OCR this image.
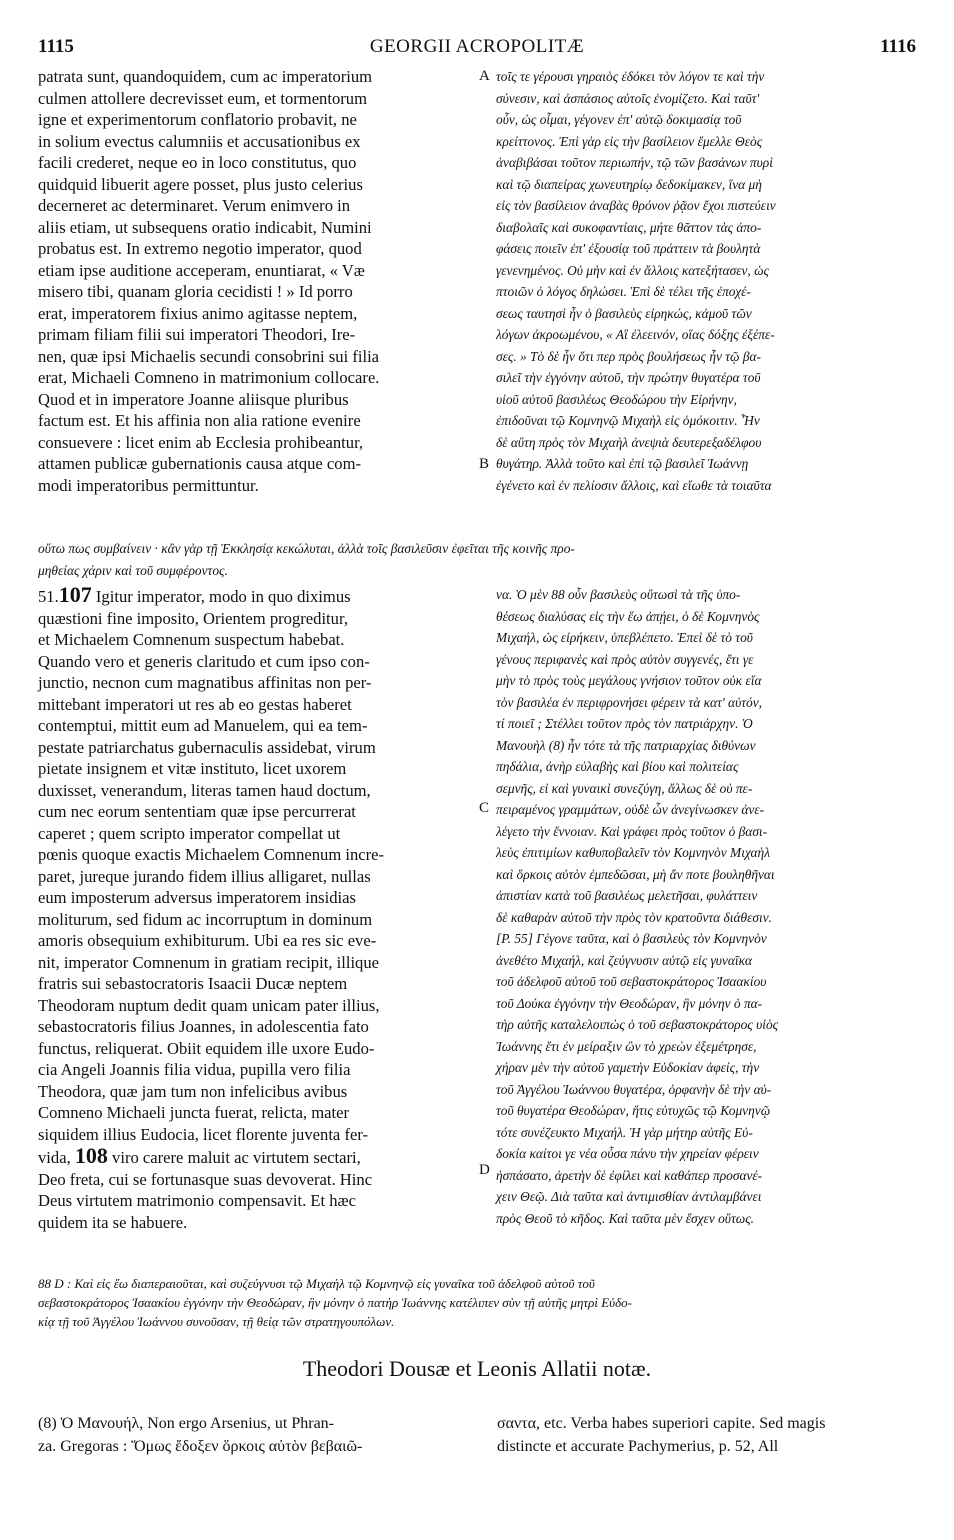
1115	GEORGII ACROPOLITÆ	1116
patrata sunt, quandoquidem, cum ac imperatorium
culmen attollere decrevisset eum, et tormentorum
igne et experimentorum conflatorio probavit, ne
in solium evectus calumniis et accusationibus ex
facili crederet, neque eo in loco constitutus, quo
quidquid libuerit agere posset, plus justo celerius
decerneret ac determinaret. Verum enimvero in
aliis etiam, ut subsequens oratio indicabit, Numini
probatus est. In extremo negotio imperator, quod
etiam ipse auditione acceperam, enuntiarat, « Væ
misero tibi, quanam gloria cecidisti ! » Id porro
erat, imperatorem fixius animo agitasse neptem,
primam filiam filii sui imperatori Theodori, Ire-
nen, quæ ipsi Michaelis secundi consobrini sui filia
erat, Michaeli Comneno in matrimonium collocare.
Quod et in imperatore Joanne aliisque pluribus
factum est. Et his affinia non alia ratione evenire
consuevere : licet enim ab Ecclesia prohibeantur,
attamen publicæ gubernationis causa atque com-
modi imperatoribus permittuntur.
A τοῖς τε γέρουσι γηραιὸς ἐδόκει τὸν λόγον τε καὶ τὴν
σύνεσιν, καὶ ἀσπάσιος αὐτοῖς ἐνομίζετο. Καὶ ταῦτ'
οὖν, ὡς οἶμαι, γέγονεν ἐπ' αὐτῷ δοκιμασίᾳ τοῦ
κρείττονος. Ἐπὶ γὰρ εἰς τὴν βασίλειον ἔμελλε Θεὸς
ἀναβιβάσαι τοῦτον περιωπήν, τῷ τῶν βασάνων πυρὶ
καὶ τῷ διαπείρας χωνευτηρίῳ δεδοκίμακεν, ἵνα μὴ
εἰς τὸν βασίλειον ἀναβὰς θρόνον ῥᾷον ἔχοι πιστεύειν
διαβολαῖς καὶ συκοφαντίαις, μήτε θᾶττον τὰς ἀπο-
φάσεις ποιεῖν ἐπ' ἐξουσίᾳ τοῦ πράττειν τὰ βουλητὰ
γενενημένος. Οὐ μὴν καὶ ἐν ἄλλοις κατεξήτασεν, ὡς
πτοιῶν ὁ λόγος δηλώσει. Ἐπὶ δὲ τέλει τῆς ἐποχέ-
σεως ταυτησὶ ἦν ὁ βασιλεὺς εἰρηκώς, κἀμοῦ τῶν
λόγων ἀκροωμένου, « Αἲ ἐλεεινόν, οἵας δόξης ἐξέπε-
σες. » Τὸ δὲ ἦν ὅτι περ πρὸς βουλήσεως ἦν τῷ βα-
σιλεῖ τὴν ἐγγόνην αὐτοῦ, τὴν πρώτην θυγατέρα τοῦ
υἱοῦ αὐτοῦ βασιλέως Θεοδώρου τὴν Εἰρήνην,
ἐπιδοῦναι τῷ Κομνηνῷ Μιχαὴλ εἰς ὁμόκοιτιν. Ἦν
δὲ αὕτη πρὸς τὸν Μιχαὴλ ἀνεψιὰ δευτερεξαδέλφου
θυγάτηρ. Ἀλλὰ τοῦτο καὶ ἐπὶ τῷ βασιλεῖ Ἰωάννῃ
ἐγένετο καὶ ἐν πελίοσιν ἄλλοις, καὶ εἴωθε τὰ τοιαῦτα
B
οὕτω πως συμβαίνειν · κἂν γὰρ τῇ Ἐκκλησίᾳ κεκώλυται, ἀλλὰ τοῖς βασιλεῦσιν ἐφεῖται τῆς κοινῆς προ-
μηθείας χάριν καὶ τοῦ συμφέροντος.
51.107 Igitur imperator, modo in quo diximus
quæstioni fine imposito, Orientem progreditur,
et Michaelem Comnenum suspectum habebat.
Quando vero et generis claritudo et cum ipso con-
junctio, necnon cum magnatibus affinitas non per-
mittebant imperatori ut res ab eo gestas haberet
contemptui, mittit eum ad Manuelem, qui ea tem-
pestate patriarchatus gubernaculis assidebat, virum
pietate insignem et vitæ instituto, licet uxorem
duxisset, venerandum, literas tamen haud doctum,
cum nec eorum sententiam quæ ipse percurrerat
caperet ; quem scripto imperator compellat ut
pœnis quoque exactis Michaelem Comnenum incre-
paret, jureque jurando fidem illius alligaret, nullas
eum imposterum adversus imperatorem insidias
moliturum, sed fidum ac incorruptum in dominum
amoris obsequium exhibiturum. Ubi ea res sic eve-
nit, imperator Comnenum in gratiam recipit, illique
fratris sui sebastocratoris Isaacii Ducæ neptem
Theodoram nuptum dedit quam unicam pater illius,
sebastocratoris filius Joannes, in adolescentia fato
functus, reliquerat. Obiit equidem ille uxore Eudo-
cia Angeli Joannis filia vidua, pupilla vero filia
Theodora, quæ jam tum non infelicibus avibus
Comneno Michaeli juncta fuerat, relicta, mater
siquidem illius Eudocia, licet florente juventa fer-
vida, 108 viro carere maluit ac virtutem sectari,
Deo freta, cui se fortunasque suas devoverat. Hinc
Deus virtutem matrimonio compensavit. Et hæc
quidem ita se habuere.
C
να. Ὁ μὲν 88 οὖν βασιλεὺς οὕτωσὶ τὰ τῆς ὑπο-
θέσεως διαλύσας εἰς τὴν ἕω ἀπῄει, ὁ δὲ Κομνηνὸς
Μιχαήλ, ὡς εἰρήκειν, ὑπεβλέπετο. Ἐπεὶ δὲ τὸ τοῦ
γένους περιφανὲς καὶ πρὸς αὐτὸν συγγενές, ἔτι γε
μὴν τὸ πρὸς τοὺς μεγάλους γνήσιον τοῦτον οὐκ εἴα
τὸν βασιλέα ἐν περιφρονήσει φέρειν τὰ κατ' αὐτόν,
τί ποιεῖ ; Στέλλει τοῦτον πρὸς τὸν πατριάρχην. Ὁ
Μανουὴλ (8) ἦν τότε τὰ τῆς πατριαρχίας διθύνων
πηδάλια, ἀνὴρ εὐλαβὴς καὶ βίου καὶ πολιτείας
σεμνῆς, εἰ καὶ γυναικὶ συνεζύγη, ἄλλως δὲ οὐ πε-
πειραμένος γραμμάτων, οὐδὲ ὧν ἀνεγίνωσκεν ἀνε-
λέγετο τὴν ἔννοιαν. Καὶ γράφει πρὸς τοῦτον ὁ βασι-
λεὺς ἐπιτιμίων καθυποβαλεῖν τὸν Κομνηνὸν Μιχαὴλ
καὶ ὅρκοις αὐτὸν ἐμπεδῶσαι, μὴ ἄν ποτε βουληθῆναι
ἀπιστίαν κατὰ τοῦ βασιλέως μελετῆσαι, φυλάττειν
δὲ καθαρὰν αὐτοῦ τὴν πρὸς τὸν κρατοῦντα διάθεσιν.
[P. 55] Γέγονε ταῦτα, καὶ ὁ βασιλεὺς τὸν Κομνηνὸν
ἀνεθέτο Μιχαήλ, καὶ ζεύγνυσιν αὐτῷ εἰς γυναῖκα
τοῦ ἀδελφοῦ αὐτοῦ τοῦ σεβαστοκράτορος Ἰσαακίου
τοῦ Δούκα ἐγγόνην τὴν Θεοδώραν, ἣν μόνην ὁ πα-
τὴρ αὐτῆς καταλελοιπὼς ὁ τοῦ σεβαστοκράτορος υἱὸς
Ἰωάννης ἔτι ἐν μείραξιν ὢν τὸ χρεὼν ἐξεμέτρησε,
χήραν μὲν τὴν αὐτοῦ γαμετὴν Εὐδοκίαν ἀφείς, τὴν
τοῦ Ἀγγέλου Ἰωάννου θυγατέρα, ὀρφανὴν δὲ τὴν αὐ-
τοῦ θυγατέρα Θεοδώραν, ἥτις εὐτυχῶς τῷ Κομνηνῷ
τότε συνέζευκτο Μιχαήλ. Ἡ γὰρ μήτηρ αὐτῆς Εὐ-
δοκία καίτοι γε νέα οὖσα πάνυ τὴν χηρείαν φέρειν
ἠσπάσατο, ἀρετὴν δὲ ἐφίλει καὶ καθάπερ προσανέ-
χειν Θεῷ. Διὰ ταῦτα καὶ ἀντιμισθίαν ἀντιλαμβάνει
πρὸς Θεοῦ τὸ κῆδος. Καὶ ταῦτα μὲν ἔσχεν οὕτως.
D
88 D : Καὶ εἰς ἕω διαπεραιοῦται, καὶ συζεύγνυσι τῷ Μιχαὴλ τῷ Κομνηνῷ εἰς γυναῖκα τοῦ ἀδελφοῦ αὐτοῦ τοῦ
σεβαστοκράτορος Ἰσαακίου ἐγγόνην τὴν Θεοδώραν, ἣν μόνην ὁ πατὴρ Ἰωάννης κατέλιπεν σὺν τῇ αὐτῆς μητρὶ Εὐδο-
κίᾳ τῇ τοῦ Ἀγγέλου Ἰωάννου συνοῦσαν, τῇ θείᾳ τῶν στρατηγουπόλων.
Theodori Dousæ et Leonis Allatii notæ.
(8) Ὁ Μανουήλ, Non ergo Arsenius, ut Phran-
za. Gregoras : Ὅμως ἔδοξεν ὅρκοις αὐτὸν βεβαιῶ-
σαντα, etc. Verba habes superiori capite. Sed magis
distincte et accurate Pachymerius, p. 52, All
